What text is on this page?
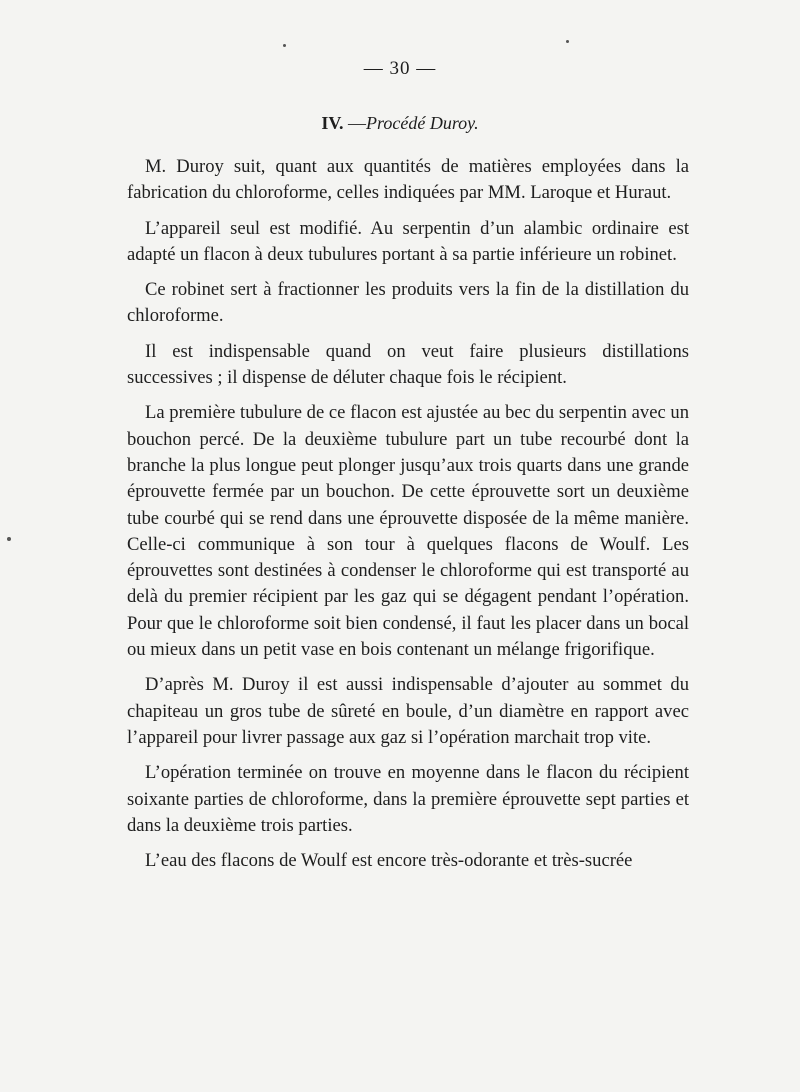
— 30 —
IV. —Procédé Duroy.

M. Duroy suit, quant aux quantités de matières employées dans la fabrication du chloroforme, celles indiquées par MM. Laroque et Huraut.

L’appareil seul est modifié. Au serpentin d’un alambic ordinaire est adapté un flacon à deux tubulures portant à sa partie inférieure un robinet.

Ce robinet sert à fractionner les produits vers la fin de la distillation du chloroforme.

Il est indispensable quand on veut faire plusieurs distillations successives ; il dispense de déluter chaque fois le récipient.

La première tubulure de ce flacon est ajustée au bec du serpentin avec un bouchon percé. De la deuxième tubulure part un tube recourbé dont la branche la plus longue peut plonger jusqu’aux trois quarts dans une grande éprouvette fermée par un bouchon. De cette éprouvette sort un deuxième tube courbé qui se rend dans une éprouvette disposée de la même manière. Celle-ci communique à son tour à quelques flacons de Woulf. Les éprouvettes sont destinées à condenser le chloroforme qui est transporté au delà du premier récipient par les gaz qui se dégagent pendant l’opération. Pour que le chloroforme soit bien condensé, il faut les placer dans un bocal ou mieux dans un petit vase en bois contenant un mélange frigorifique.

D’après M. Duroy il est aussi indispensable d’ajouter au sommet du chapiteau un gros tube de sûreté en boule, d’un diamètre en rapport avec l’appareil pour livrer passage aux gaz si l’opération marchait trop vite.

L’opération terminée on trouve en moyenne dans le flacon du récipient soixante parties de chloroforme, dans la première éprouvette sept parties et dans la deuxième trois parties.

L’eau des flacons de Woulf est encore très-odorante et très-sucrée
